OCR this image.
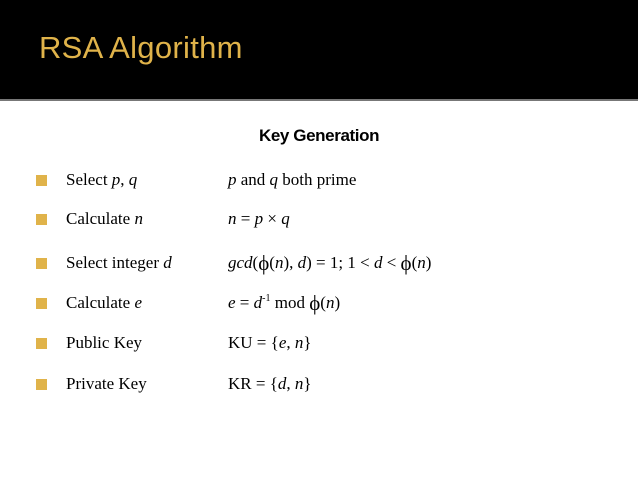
RSA Algorithm
Key Generation
Select p, q	p and q both prime
Calculate n	n = p × q
Select integer d	gcd(ϕ(n), d) = 1; 1 < d < ϕ(n)
Calculate e	$e = d^{-1}$ mod ϕ(n)
Public Key	KU = {e, n}
Private Key	KR = {d, n}
